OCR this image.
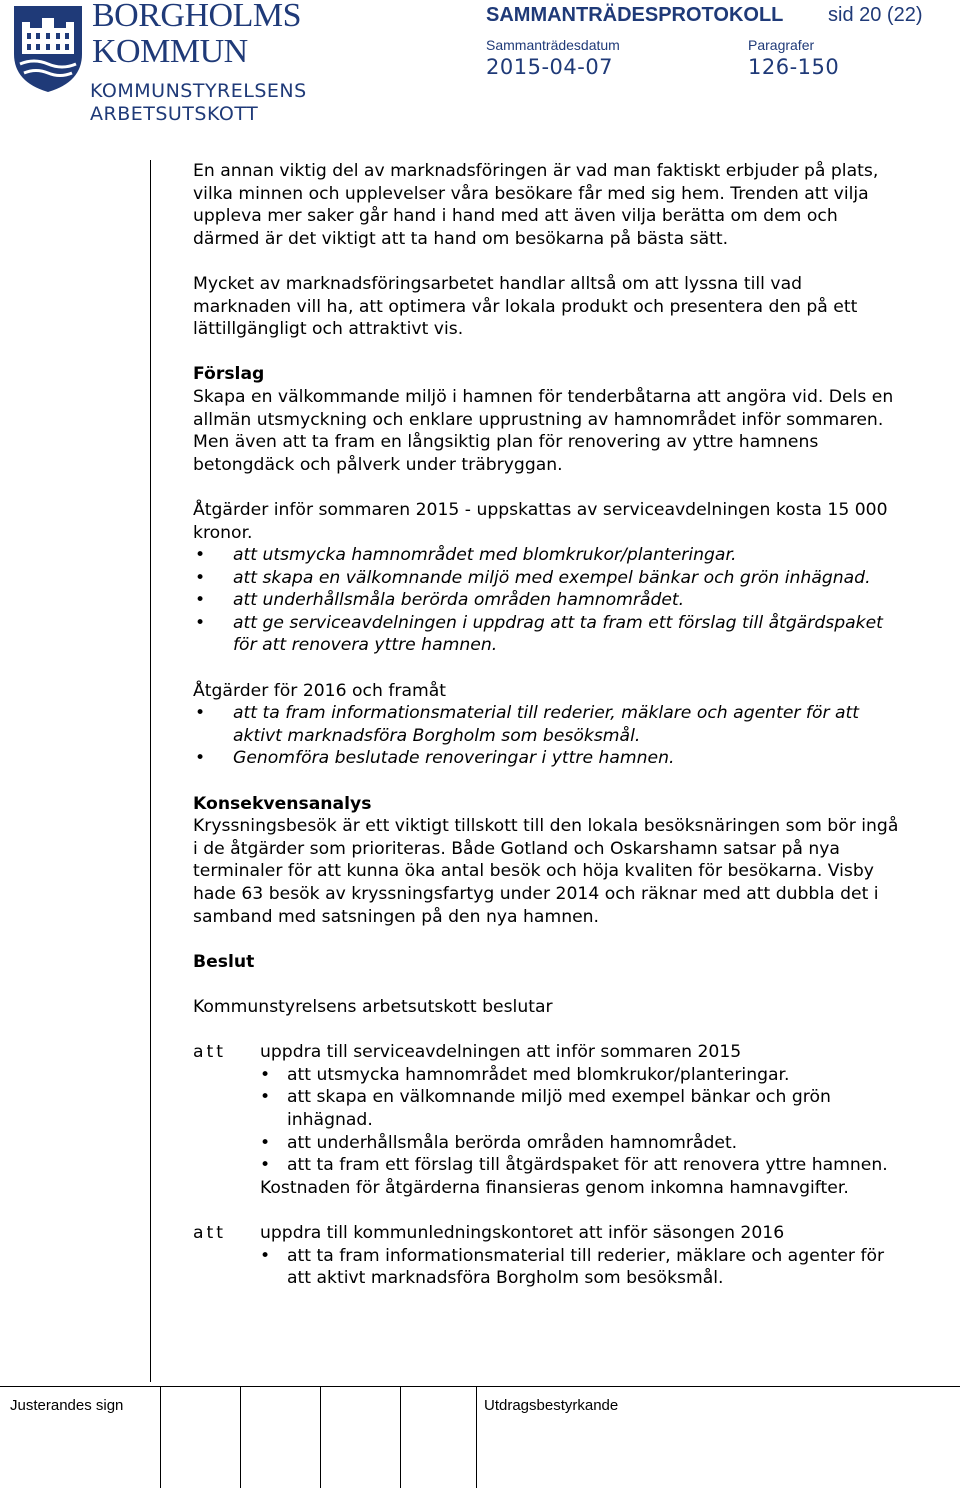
BORGHOLMS
KOMMUN
KOMMUNSTYRELSENS
ARBETSUTSKOTT
SAMMANTRÄDESPROTOKOLL sid 20 (22)
Sammanträdesdatum
2015-04-07
Paragrafer
126-150

En annan viktig del av marknadsföringen är vad man faktiskt erbjuder på plats, vilka minnen och upplevelser våra besökare får med sig hem. Trenden att vilja uppleva mer saker går hand i hand med att även vilja berätta om dem och därmed är det viktigt att ta hand om besökarna på bästa sätt.

Mycket av marknadsföringsarbetet handlar alltså om att lyssna till vad marknaden vill ha, att optimera vår lokala produkt och presentera den på ett lättillgängligt och attraktivt vis.

Förslag

Skapa en välkommande miljö i hamnen för tenderbåtarna att angöra vid. Dels en allmän utsmyckning och enklare upprustning av hamnområdet inför sommaren. Men även att ta fram en långsiktig plan för renovering av yttre hamnens betongdäck och pålverk under träbryggan.

Åtgärder inför sommaren 2015 - uppskattas av serviceavdelningen kosta 15 000 kronor.

• att utsmycka hamnområdet med blomkrukor/planteringar.
• att skapa en välkomnande miljö med exempel bänkar och grön inhägnad.
• att underhållsmåla berörda områden hamnområdet.
• att ge serviceavdelningen i uppdrag att ta fram ett förslag till åtgärdspaket för att renovera yttre hamnen.

Åtgärder för 2016 och framåt

• att ta fram informationsmaterial till rederier, mäklare och agenter för att aktivt marknadsföra Borgholm som besöksmål.
• Genomföra beslutade renoveringar i yttre hamnen.

Konsekvensanalys

Kryssningsbesök är ett viktigt tillskott till den lokala besöksnäringen som bör ingå i de åtgärder som prioriteras. Både Gotland och Oskarshamn satsar på nya terminaler för att kunna öka antal besök och höja kvaliten för besökarna. Visby hade 63 besök av kryssningsfartyg under 2014 och räknar med att dubbla det i samband med satsningen på den nya hamnen.

Beslut

Kommunstyrelsens arbetsutskott beslutar

att	uppdra till serviceavdelningen att inför sommaren 2015
• att utsmycka hamnområdet med blomkrukor/planteringar.
• att skapa en välkomnande miljö med exempel bänkar och grön inhägnad.
• att underhållsmåla berörda områden hamnområdet.
• att ta fram ett förslag till åtgärdspaket för att renovera yttre hamnen.
Kostnaden för åtgärderna finansieras genom inkomna hamnavgifter.
att	uppdra till kommunledningskontoret att inför säsongen 2016
• att ta fram informationsmaterial till rederier, mäklare och agenter för att aktivt marknadsföra Borgholm som besöksmål.
Justerandes sign	Utdragsbestyrkande
